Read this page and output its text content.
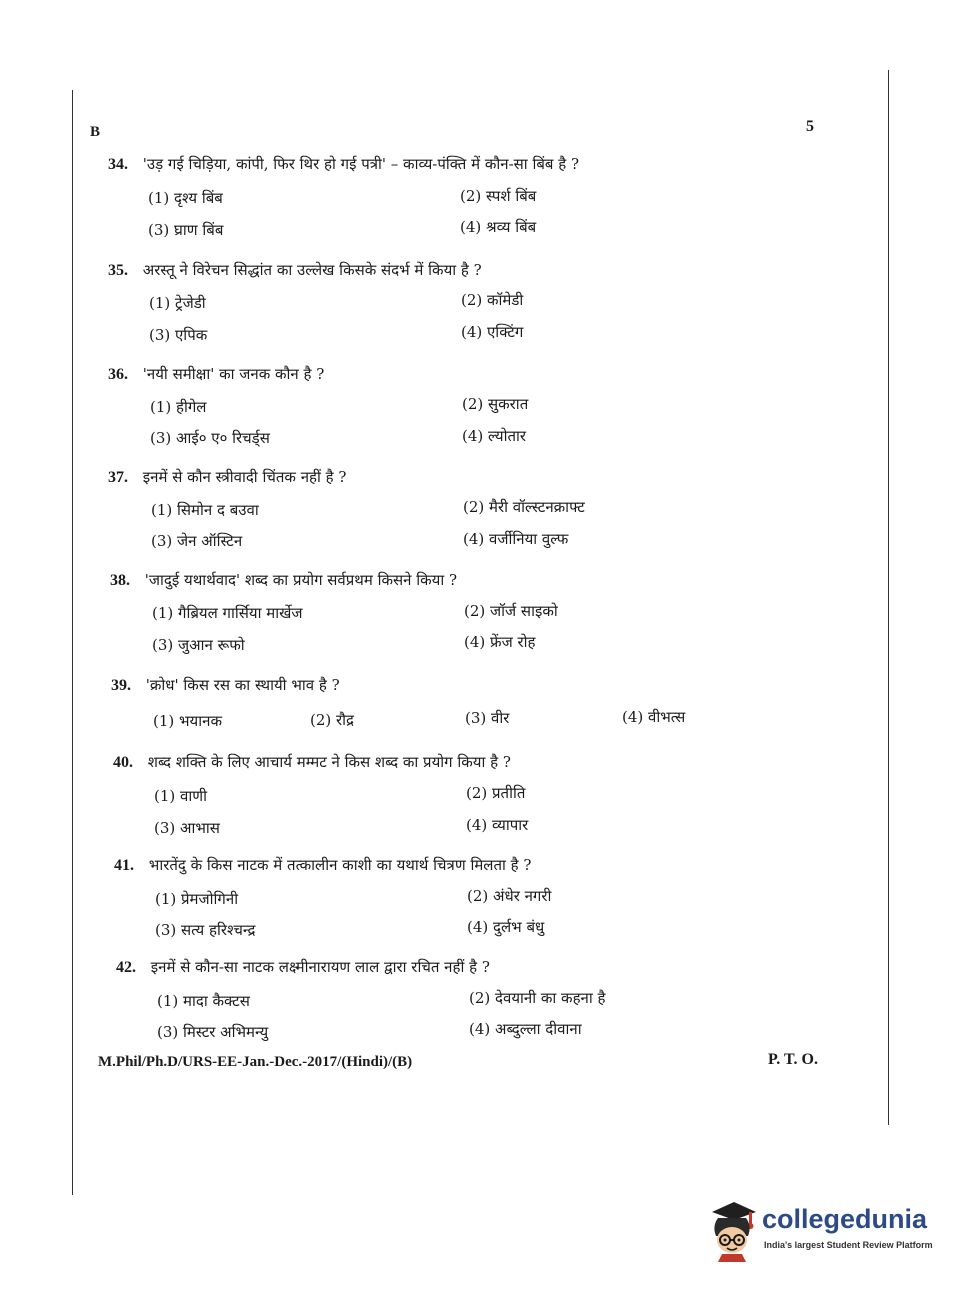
B	5
34. 'उड़ गई चिड़िया, कांपी, फिर थिर हो गई पत्री' – काव्य-पंक्ति में कौन-सा बिंब है ?
(1) दृश्य बिंब	(2) स्पर्श बिंब
(3) घ्राण बिंब	(4) श्रव्य बिंब
35. अरस्तू ने विरेचन सिद्धांत का उल्लेख किसके संदर्भ में किया है ?
(1) ट्रेजेडी	(2) कॉमेडी
(3) एपिक	(4) एक्टिंग
36. 'नयी समीक्षा' का जनक कौन है ?
(1) हीगेल	(2) सुकरात
(3) आई० ए० रिचर्ड्स	(4) ल्योतार
37. इनमें से कौन स्त्रीवादी चिंतक नहीं है ?
(1) सिमोन द बउवा	(2) मैरी वॉल्स्टनक्राफ्ट
(3) जेन ऑस्टिन	(4) वर्जीनिया वुल्फ
38. 'जादुई यथार्थवाद' शब्द का प्रयोग सर्वप्रथम किसने किया ?
(1) गैब्रियल गार्सिया मार्खेज	(2) जॉर्ज साइको
(3) जुआन रूफो	(4) फ्रेंज रोह
39. 'क्रोध' किस रस का स्थायी भाव है ?
(1) भयानक	(2) रौद्र	(3) वीर	(4) वीभत्स
40. शब्द शक्ति के लिए आचार्य मम्मट ने किस शब्द का प्रयोग किया है ?
(1) वाणी	(2) प्रतीति
(3) आभास	(4) व्यापार
41. भारतेंदु के किस नाटक में तत्कालीन काशी का यथार्थ चित्रण मिलता है ?
(1) प्रेमजोगिनी	(2) अंधेर नगरी
(3) सत्य हरिश्चन्द्र	(4) दुर्लभ बंधु
42. इनमें से कौन-सा नाटक लक्ष्मीनारायण लाल द्वारा रचित नहीं है ?
(1) मादा कैक्टस	(2) देवयानी का कहना है
(3) मिस्टर अभिमन्यु	(4) अब्दुल्ला दीवाना
M.Phil/Ph.D/URS-EE-Jan.-Dec.-2017/(Hindi)/(B)	P. T. O.
collegedunia
India's largest Student Review Platform
